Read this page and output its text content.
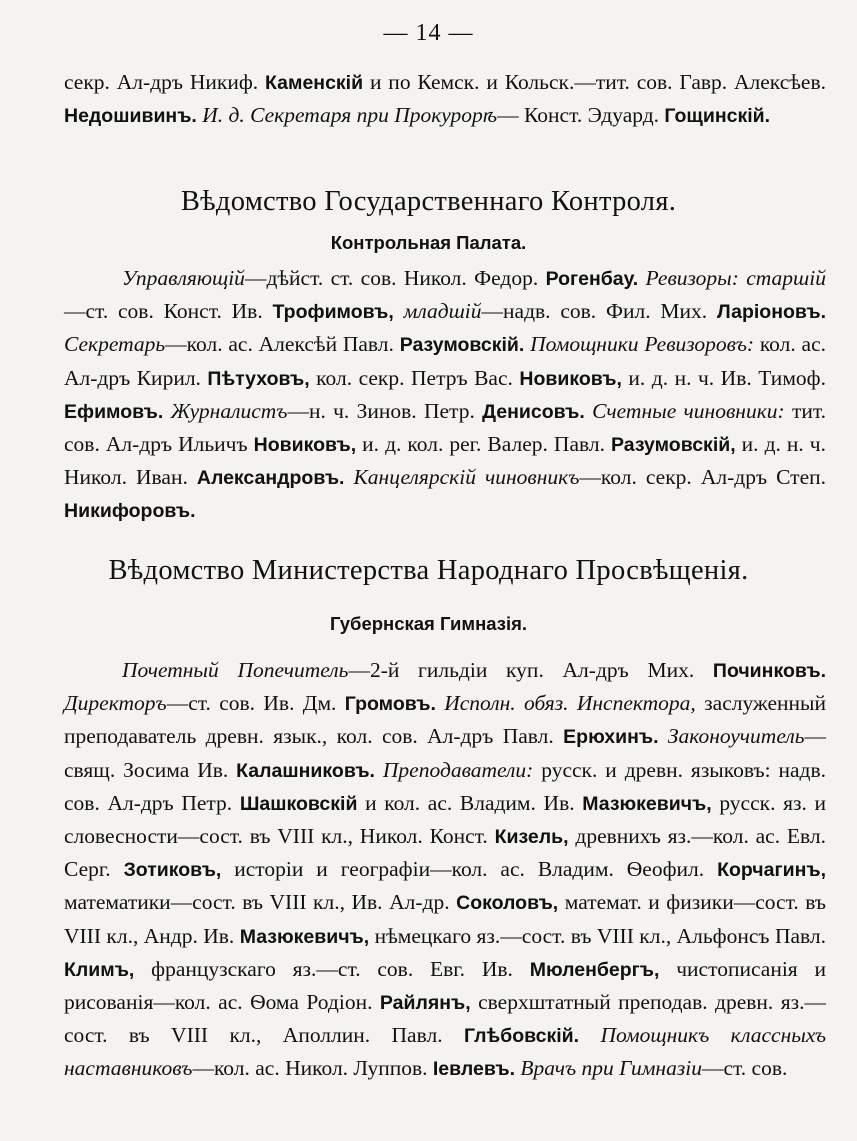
— 14 —

секр. Ал-дръ Никиф. Каменскій и по Кемск. и Кольск.—тит. сов. Гавр. Алексѣев. Недошивинъ. И. д. Секретаря при Прокурорѣ— Конст. Эдуард. Гощинскій.

Вѣдомство Государственнаго Контроля.
Контрольная Палата.

Управляющій—дѣйст. ст. сов. Никол. Федор. Рогенбау. Ревизоры: старшій—ст. сов. Конст. Ив. Трофимовъ, младшій—надв. сов. Фил. Мих. Ларіоновъ. Секретарь—кол. ас. Алексѣй Павл. Разумовскій. Помощники Ревизоровъ: кол. ас. Ал-дръ Кирил. Пѣтуховъ, кол. секр. Петръ Вас. Новиковъ, и. д. н. ч. Ив. Тимоф. Ефимовъ. Журналистъ—н. ч. Зинов. Петр. Денисовъ. Счетные чиновники: тит. сов. Ал-дръ Ильичъ Новиковъ, и. д. кол. рег. Валер. Павл. Разумовскій, и. д. н. ч. Никол. Иван. Александровъ. Канцелярскій чиновникъ—кол. секр. Ал-дръ Степ. Никифоровъ.

Вѣдомство Министерства Народнаго Просвѣщенія.
Губернская Гимназія.

Почетный Попечитель—2-й гильдіи куп. Ал-дръ Мих. Починковъ. Директоръ—ст. сов. Ив. Дм. Громовъ. Исполн. обяз. Инспектора, заслуженный преподаватель древн. язык., кол. сов. Ал-дръ Павл. Ерюхинъ. Законоучитель—свящ. Зосима Ив. Калашниковъ. Преподаватели: русск. и древн. языковъ: надв. сов. Ал-дръ Петр. Шашковскій и кол. ас. Владим. Ив. Мазюкевичъ, русск. яз. и словесности—сост. въ VIII кл., Никол. Конст. Кизель, древнихъ яз.—кол. ас. Евл. Серг. Зотиковъ, исторіи и географіи—кол. ас. Владим. Ѳеофил. Корчагинъ, математики—сост. въ VIII кл., Ив. Ал-др. Соколовъ, математ. и физики—сост. въ VIII кл., Андр. Ив. Мазюкевичъ, нѣмецкаго яз.—сост. въ VIII кл., Альфонсъ Павл. Климъ, французскаго яз.—ст. сов. Евг. Ив. Мюленбергъ, чистописанія и рисованія—кол. ас. Ѳома Родіон. Райлянъ, сверхштатный преподав. древн. яз.—сост. въ VIII кл., Аполлин. Павл. Глѣбовскій. Помощникъ классныхъ наставниковъ—кол. ас. Никол. Луппов. Іевлевъ. Врачъ при Гимназіи—ст. сов.
